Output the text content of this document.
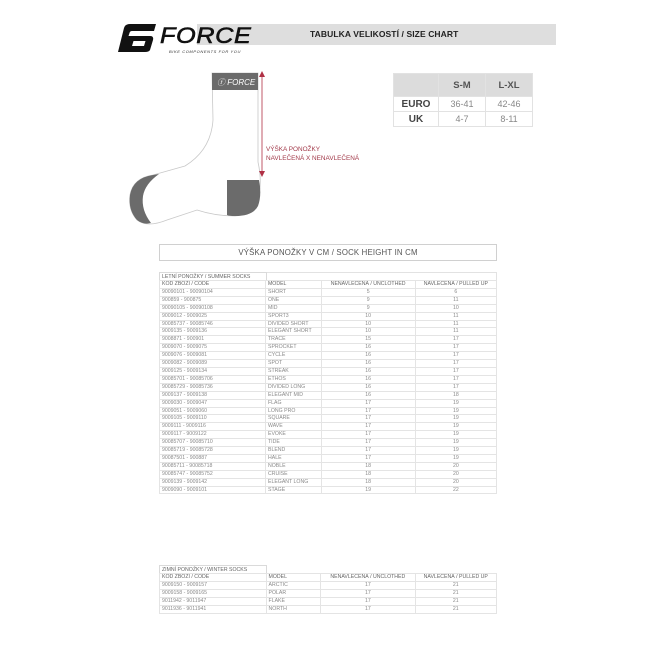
FORCE
BIKE COMPONENTS FOR YOU
TABULKA VELIKOSTÍ / SIZE CHART
	S-M	L-XL
EURO	36-41	42-46
UK	4-7	8-11
ⓕ FORCE
VÝŠKA PONOŽKY
NAVLEČENÁ X NENAVLEČENÁ
VÝŠKA PONOŽKY V CM / SOCK HEIGHT IN CM
LETNÍ PONOŽKY / SUMMER SOCKS
KÓD ZBOŽÍ / CODE	MODEL	NENAVLEČENÁ / UNCLOTHED	NAVLEČENÁ / PULLED UP
90090101 - 90090104	SHORT	5	6
900859 - 900875	ONE	9	11
90090105 - 90090108	MID	9	10
9009012 - 9009025	SPORT3	10	11
90085737 - 90085746	DIVIDED SHORT	10	11
9009135 - 9009136	ELEGANT SHORT	10	11
9008871 - 900901	TRACE	15	17
9009070 - 9009075	SPROCKET	16	17
9009076 - 9009081	CYCLE	16	17
9009082 - 9009089	SPOT	16	17
9009125 - 9009134	STREAK	16	17
90085701 - 90085706	ETHOS	16	17
90085729 - 90085736	DIVIDED LONG	16	17
9009137 - 9009138	ELEGANT MID	16	18
9009030 - 9009047	FLAG	17	19
9009051 - 9009060	LONG PRO	17	19
9009105 - 9009110	SQUARE	17	19
9009111 - 9009116	WAVE	17	19
9009117 - 9009122	EVOKE	17	19
90085707 - 90085710	TIDE	17	19
90085719 - 90085728	BLEND	17	19
90087501 - 900887	HALE	17	19
90085711 - 90085718	NOBLE	18	20
90085747 - 90085752	CRUISE	18	20
9009139 - 9009142	ELEGANT LONG	18	20
9009090 - 9009101	STAGE	19	22
ZIMNÍ PONOŽKY / WINTER SOCKS
KÓD ZBOŽÍ / CODE	MODEL	NENAVLEČENÁ / UNCLOTHED	NAVLEČENÁ / PULLED UP
9009150 - 9009157	ARCTIC	17	21
9009158 - 9009165	POLAR	17	21
9011942 - 9011947	FLAKE	17	21
9011936 - 9011941	NORTH	17	21
